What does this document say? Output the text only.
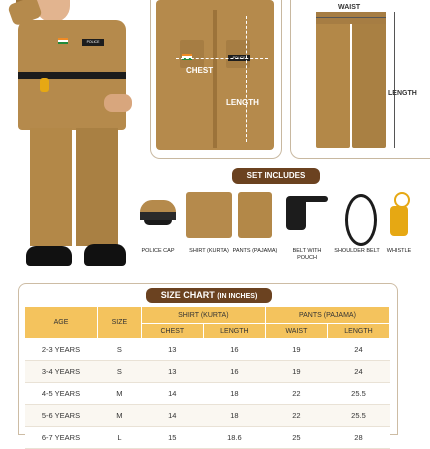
POLICE
POLICE
CHEST
LENGTH
WAIST
LENGTH
SET INCLUDES
POLICE CAP	SHIRT (KURTA) PANTS (PAJAMA)	BELT WITH POUCH
SHOULDER BELT	WHISTLE
SIZE CHART (IN INCHES)
AGE	SIZE	SHIRT (KURTA)		PANTS (PAJAMA)	
		CHEST	LENGTH	WAIST	LENGTH
2-3 YEARS	S	13	16	19	24
3-4 YEARS	S	13	16	19	24
4-5 YEARS	M	14	18	22	25.5
5-6 YEARS	M	14	18	22	25.5
6-7 YEARS	L	15	18.6	25	28
